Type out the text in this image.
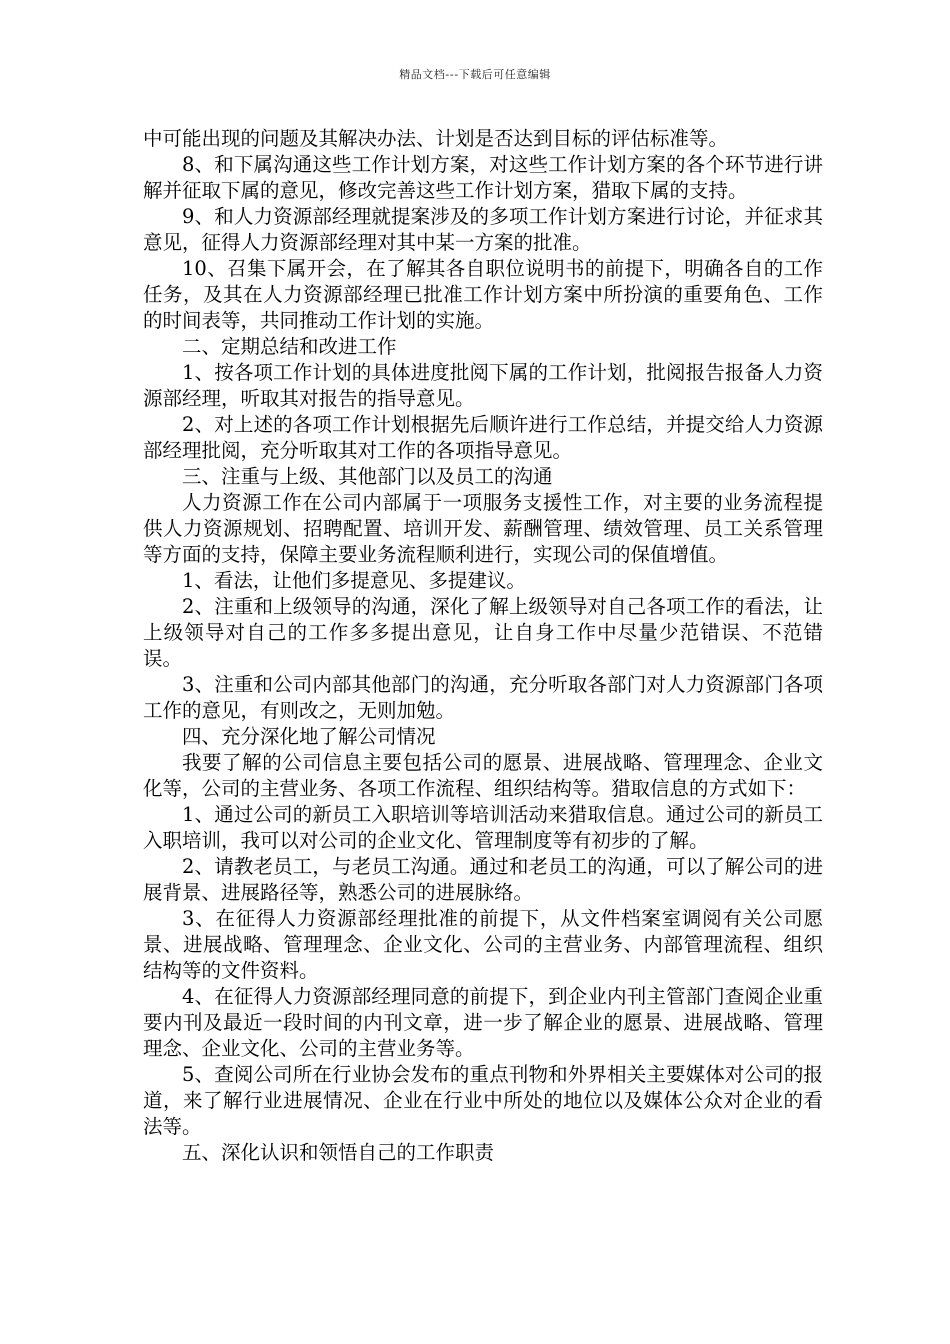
精品文档---下载后可任意编辑

中可能出现的问题及其解决办法、计划是否达到目标的评估标准等。

8、和下属沟通这些工作计划方案，对这些工作计划方案的各个环节进行讲解并征取下属的意见，修改完善这些工作计划方案，猎取下属的支持。

9、和人力资源部经理就提案涉及的多项工作计划方案进行讨论，并征求其意见，征得人力资源部经理对其中某一方案的批准。

10、召集下属开会，在了解其各自职位说明书的前提下，明确各自的工作任务，及其在人力资源部经理已批准工作计划方案中所扮演的重要角色、工作的时间表等，共同推动工作计划的实施。

二、定期总结和改进工作

1、按各项工作计划的具体进度批阅下属的工作计划，批阅报告报备人力资源部经理，听取其对报告的指导意见。

2、对上述的各项工作计划根据先后顺许进行工作总结，并提交给人力资源部经理批阅，充分听取其对工作的各项指导意见。

三、注重与上级、其他部门以及员工的沟通

人力资源工作在公司内部属于一项服务支援性工作，对主要的业务流程提供人力资源规划、招聘配置、培训开发、薪酬管理、绩效管理、员工关系管理等方面的支持，保障主要业务流程顺利进行，实现公司的保值增值。

1、看法，让他们多提意见、多提建议。

2、注重和上级领导的沟通，深化了解上级领导对自己各项工作的看法，让上级领导对自己的工作多多提出意见，让自身工作中尽量少范错误、不范错误。

3、注重和公司内部其他部门的沟通，充分听取各部门对人力资源部门各项工作的意见，有则改之，无则加勉。

四、充分深化地了解公司情况

我要了解的公司信息主要包括公司的愿景、进展战略、管理理念、企业文化等，公司的主营业务、各项工作流程、组织结构等。猎取信息的方式如下：

1、通过公司的新员工入职培训等培训活动来猎取信息。通过公司的新员工入职培训，我可以对公司的企业文化、管理制度等有初步的了解。

2、请教老员工，与老员工沟通。通过和老员工的沟通，可以了解公司的进展背景、进展路径等，熟悉公司的进展脉络。

3、在征得人力资源部经理批准的前提下，从文件档案室调阅有关公司愿景、进展战略、管理理念、企业文化、公司的主营业务、内部管理流程、组织结构等的文件资料。

4、在征得人力资源部经理同意的前提下，到企业内刊主管部门查阅企业重要内刊及最近一段时间的内刊文章，进一步了解企业的愿景、进展战略、管理理念、企业文化、公司的主营业务等。

5、查阅公司所在行业协会发布的重点刊物和外界相关主要媒体对公司的报道，来了解行业进展情况、企业在行业中所处的地位以及媒体公众对企业的看法等。

五、深化认识和领悟自己的工作职责
